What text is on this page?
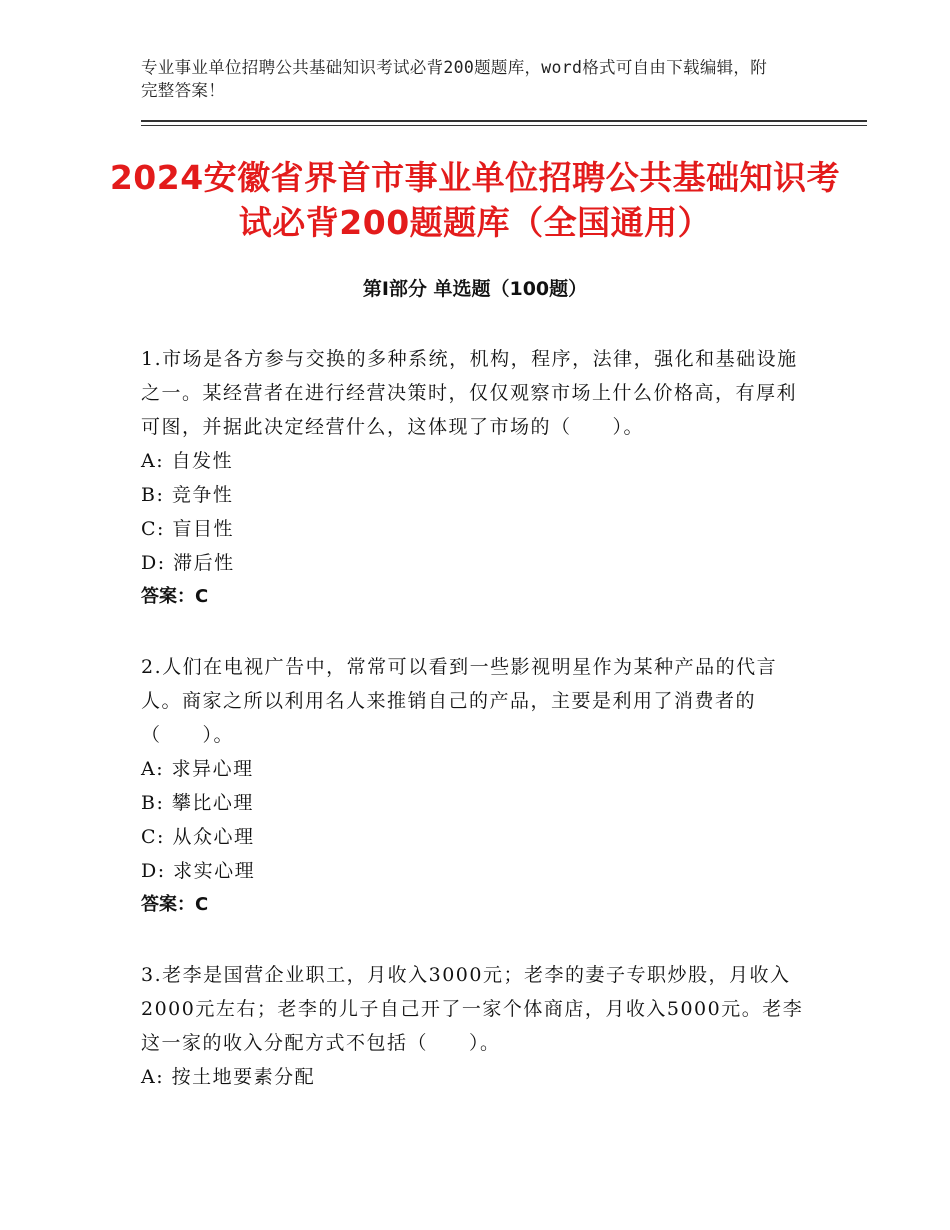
专业事业单位招聘公共基础知识考试必背200题题库，word格式可自由下载编辑，附完整答案！
2024安徽省界首市事业单位招聘公共基础知识考试必背200题题库（全国通用）
第Ⅰ部分 单选题（100题）
1.市场是各方参与交换的多种系统，机构，程序，法律，强化和基础设施之一。某经营者在进行经营决策时，仅仅观察市场上什么价格高，有厚利可图，并据此决定经营什么，这体现了市场的（　　）。
A: 自发性
B: 竞争性
C: 盲目性
D: 滞后性
答案：C
2.人们在电视广告中，常常可以看到一些影视明星作为某种产品的代言人。商家之所以利用名人来推销自己的产品，主要是利用了消费者的（　　）。
A: 求异心理
B: 攀比心理
C: 从众心理
D: 求实心理
答案：C
3.老李是国营企业职工，月收入3000元；老李的妻子专职炒股，月收入2000元左右；老李的儿子自己开了一家个体商店，月收入5000元。老李这一家的收入分配方式不包括（　　）。
A: 按土地要素分配
